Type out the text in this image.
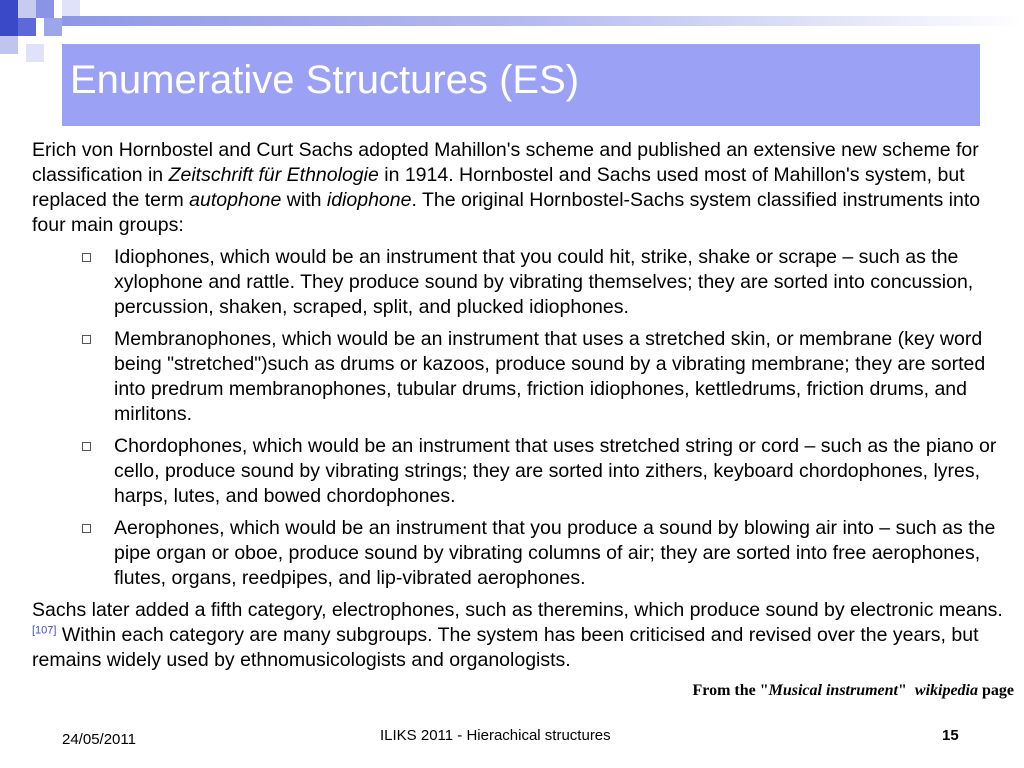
Enumerative Structures (ES)

Erich von Hornbostel and Curt Sachs adopted Mahillon's scheme and published an extensive new scheme for classification in Zeitschrift für Ethnologie in 1914. Hornbostel and Sachs used most of Mahillon's system, but replaced the term autophone with idiophone. The original Hornbostel-Sachs system classified instruments into four main groups:

Idiophones, which would be an instrument that you could hit, strike, shake or scrape – such as the xylophone and rattle. They produce sound by vibrating themselves; they are sorted into concussion, percussion, shaken, scraped, split, and plucked idiophones.
Membranophones, which would be an instrument that uses a stretched skin, or membrane (key word being "stretched")such as drums or kazoos, produce sound by a vibrating membrane; they are sorted into predrum membranophones, tubular drums, friction idiophones, kettledrums, friction drums, and mirlitons.
Chordophones, which would be an instrument that uses stretched string or cord – such as the piano or cello, produce sound by vibrating strings; they are sorted into zithers, keyboard chordophones, lyres, harps, lutes, and bowed chordophones.
Aerophones, which would be an instrument that you produce a sound by blowing air into – such as the pipe organ or oboe, produce sound by vibrating columns of air; they are sorted into free aerophones, flutes, organs, reedpipes, and lip-vibrated aerophones.

Sachs later added a fifth category, electrophones, such as theremins, which produce sound by electronic means.[107] Within each category are many subgroups. The system has been criticised and revised over the years, but remains widely used by ethnomusicologists and organologists.

From the "Musical instrument"  wikipedia page

24/05/2011	ILIKS 2011 - Hierachical structures	15
